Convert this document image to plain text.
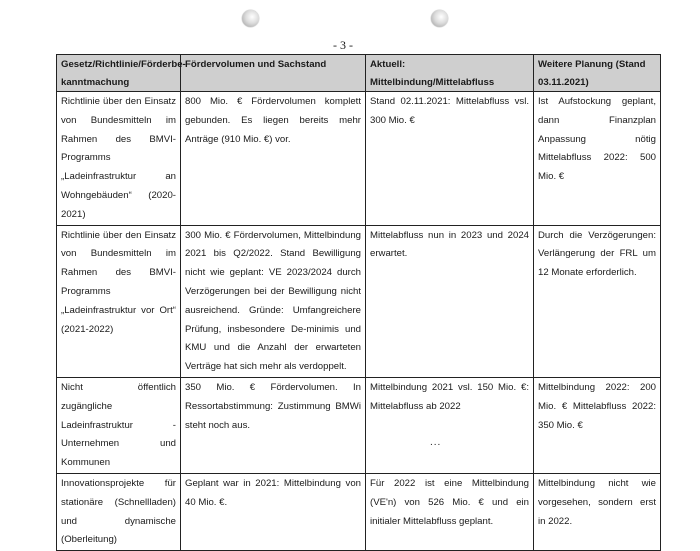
- 3 -
Gesetz/Richtlinie/Förderbe-kanntmachung	Fördervolumen und Sachstand	Aktuell: Mittelbindung/Mittelabfluss	Weitere Planung (Stand 03.11.2021)
Richtlinie über den Einsatz von Bundesmitteln im Rahmen des BMVI-Programms „Ladeinfrastruktur an Wohngebäuden“ (2020-2021)	800 Mio. € Fördervolumen komplett gebunden. Es liegen bereits mehr Anträge (910 Mio. €) vor.	Stand 02.11.2021: Mittelabfluss vsl. 300 Mio. €	Ist Aufstockung geplant, dann Finanzplan Anpassung nötig Mittelabfluss 2022: 500 Mio. €
Richtlinie über den Einsatz von Bundesmitteln im Rahmen des BMVI-Programms „Ladeinfrastruktur vor Ort“ (2021-2022)	300 Mio. € Fördervolumen, Mittelbindung 2021 bis Q2/2022. Stand Bewilligung nicht wie geplant: VE 2023/2024 durch Verzögerungen bei der Bewilligung nicht ausreichend. Gründe: Umfangreichere Prüfung, insbesondere De-minimis und KMU und die Anzahl der erwarteten Verträge hat sich mehr als verdoppelt.	Mittelabfluss nun in 2023 und 2024 erwartet.	Durch die Verzögerungen: Verlängerung der FRL um 12 Monate erforderlich.
Nicht öffentlich zugängliche Ladeinfrastruktur - Unternehmen und Kommunen	350 Mio. € Fördervolumen. In Ressortabstimmung: Zustimmung BMWi steht noch aus.	Mittelbindung 2021 vsl. 150 Mio. €: Mittelabfluss ab 2022	Mittelbindung 2022: 200 Mio. € Mittelabfluss 2022: 350 Mio. €
Innovationsprojekte für stationäre (Schnellladen) und dynamische (Oberleitung)	Geplant war in 2021: Mittelbindung von 40 Mio. €.	Für 2022 ist eine Mittelbindung (VE'n) von 526 Mio. € und ein initialer Mittelabfluss geplant.	Mittelbindung nicht wie vorgesehen, sondern erst in 2022.
...
